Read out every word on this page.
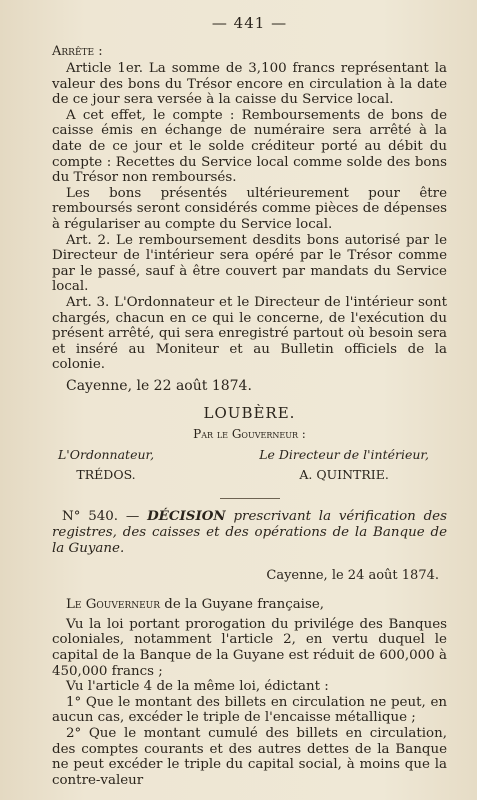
— 441 —
Arrête :

Article 1er. La somme de 3,100 francs représentant la valeur des bons du Trésor encore en circulation à la date de ce jour sera versée à la caisse du Service local.

A cet effet, le compte : Remboursements de bons de caisse émis en échange de numéraire sera arrêté à la date de ce jour et le solde créditeur porté au débit du compte : Recettes du Service local comme solde des bons du Trésor non remboursés.

Les bons présentés ultérieurement pour être remboursés seront considérés comme pièces de dépenses à régulariser au compte du Service local.

Art. 2. Le remboursement desdits bons autorisé par le Directeur de l'intérieur sera opéré par le Trésor comme par le passé, sauf à être couvert par mandats du Service local.

Art. 3. L'Ordonnateur et le Directeur de l'intérieur sont chargés, chacun en ce qui le concerne, de l'exécution du présent arrêté, qui sera enregistré partout où besoin sera et inséré au Moniteur et au Bulletin officiels de la colonie.

Cayenne, le 22 août 1874.

LOUBÈRE.
Par le Gouverneur :
L'Ordonnateur,
TRÉDOS.
Le Directeur de l'intérieur,
A. QUINTRIE.
N° 540. — DÉCISION prescrivant la vérification des registres, des caisses et des opérations de la Banque de la Guyane.
Cayenne, le 24 août 1874.
Le Gouverneur de la Guyane française,

Vu la loi portant prorogation du privilége des Banques coloniales, notamment l'article 2, en vertu duquel le capital de la Banque de la Guyane est réduit de 600,000 à 450,000 francs ;

Vu l'article 4 de la même loi, édictant :

1° Que le montant des billets en circulation ne peut, en aucun cas, excéder le triple de l'encaisse métallique ;

2° Que le montant cumulé des billets en circulation, des comptes courants et des autres dettes de la Banque ne peut excéder le triple du capital social, à moins que la contre-valeur
